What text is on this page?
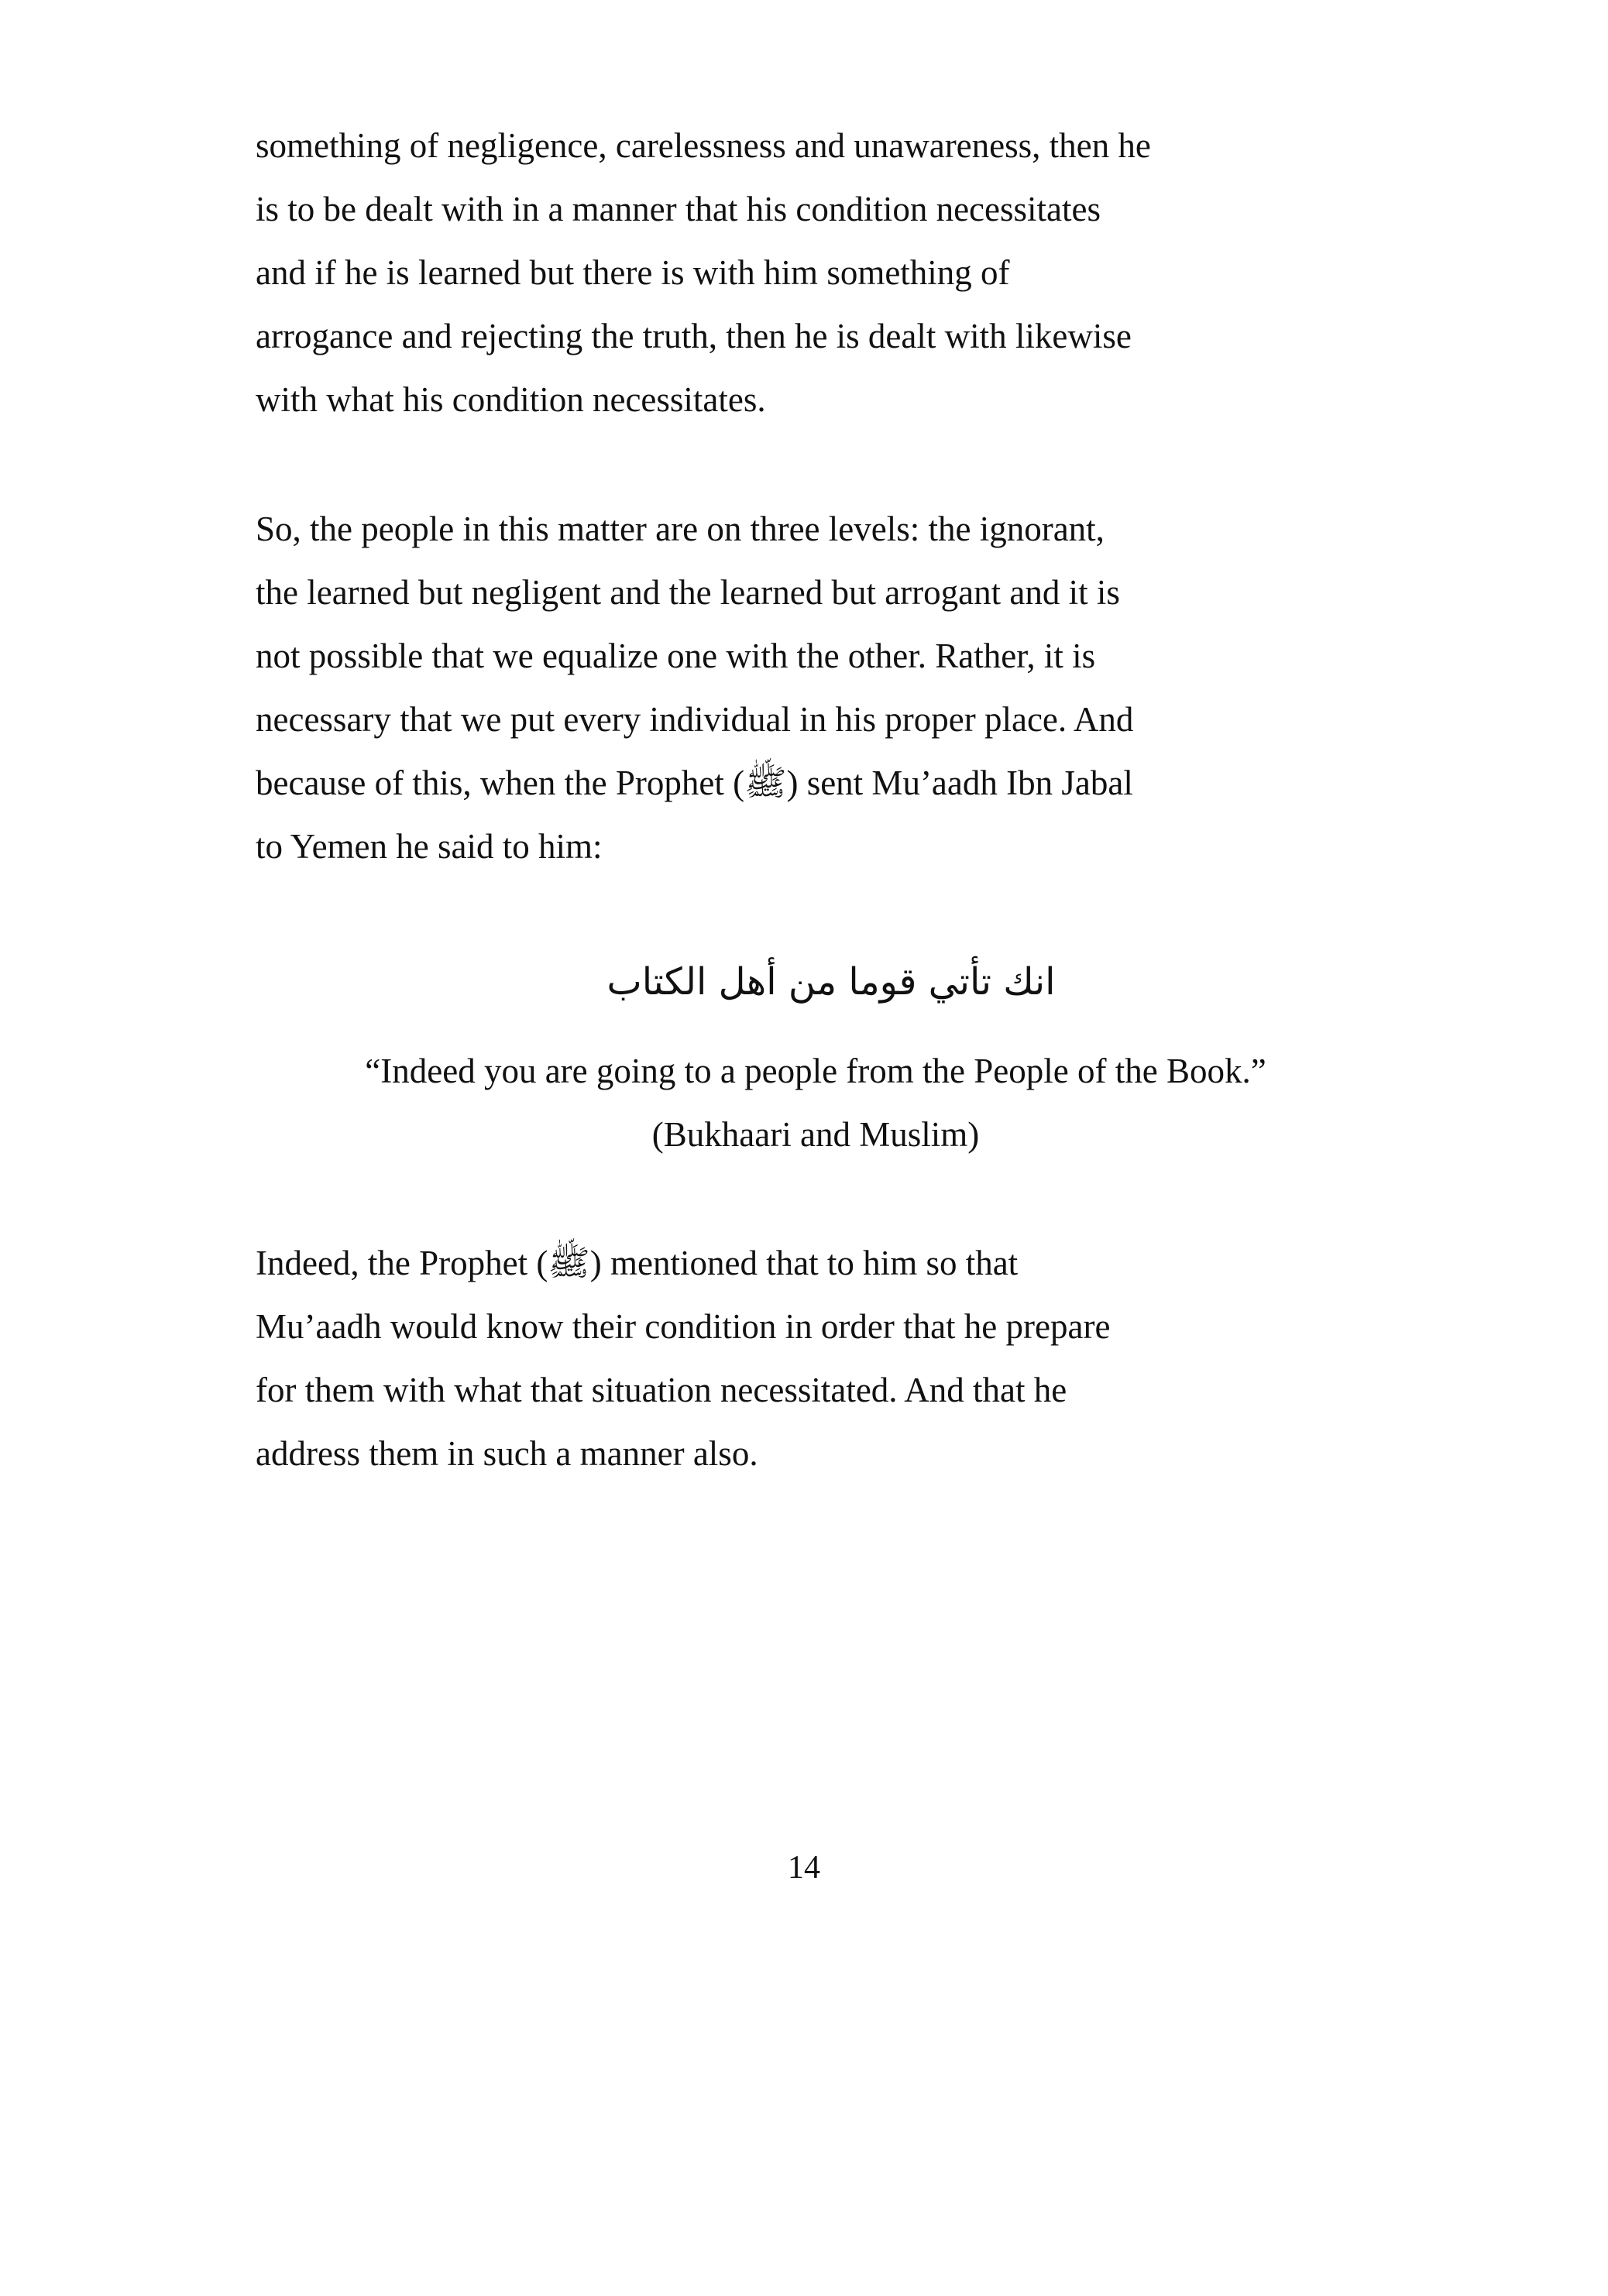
something of negligence, carelessness and unawareness, then he
is to be dealt with in a manner that his condition necessitates
and if he is learned but there is with him something of
arrogance and rejecting the truth, then he is dealt with likewise
with what his condition necessitates.
So, the people in this matter are on three levels: the ignorant,
the learned but negligent and the learned but arrogant and it is
not possible that we equalize one with the other. Rather, it is
necessary that we put every individual in his proper place. And
because of this, when the Prophet (ﷺ) sent Mu’aadh Ibn Jabal
to Yemen he said to him:
انك تأتي قوما من أهل الكتاب
“Indeed you are going to a people from the People of the Book.”
(Bukhaari and Muslim)
Indeed, the Prophet (ﷺ) mentioned that to him so that
Mu’aadh would know their condition in order that he prepare
for them with what that situation necessitated. And that he
address them in such a manner also.
14
